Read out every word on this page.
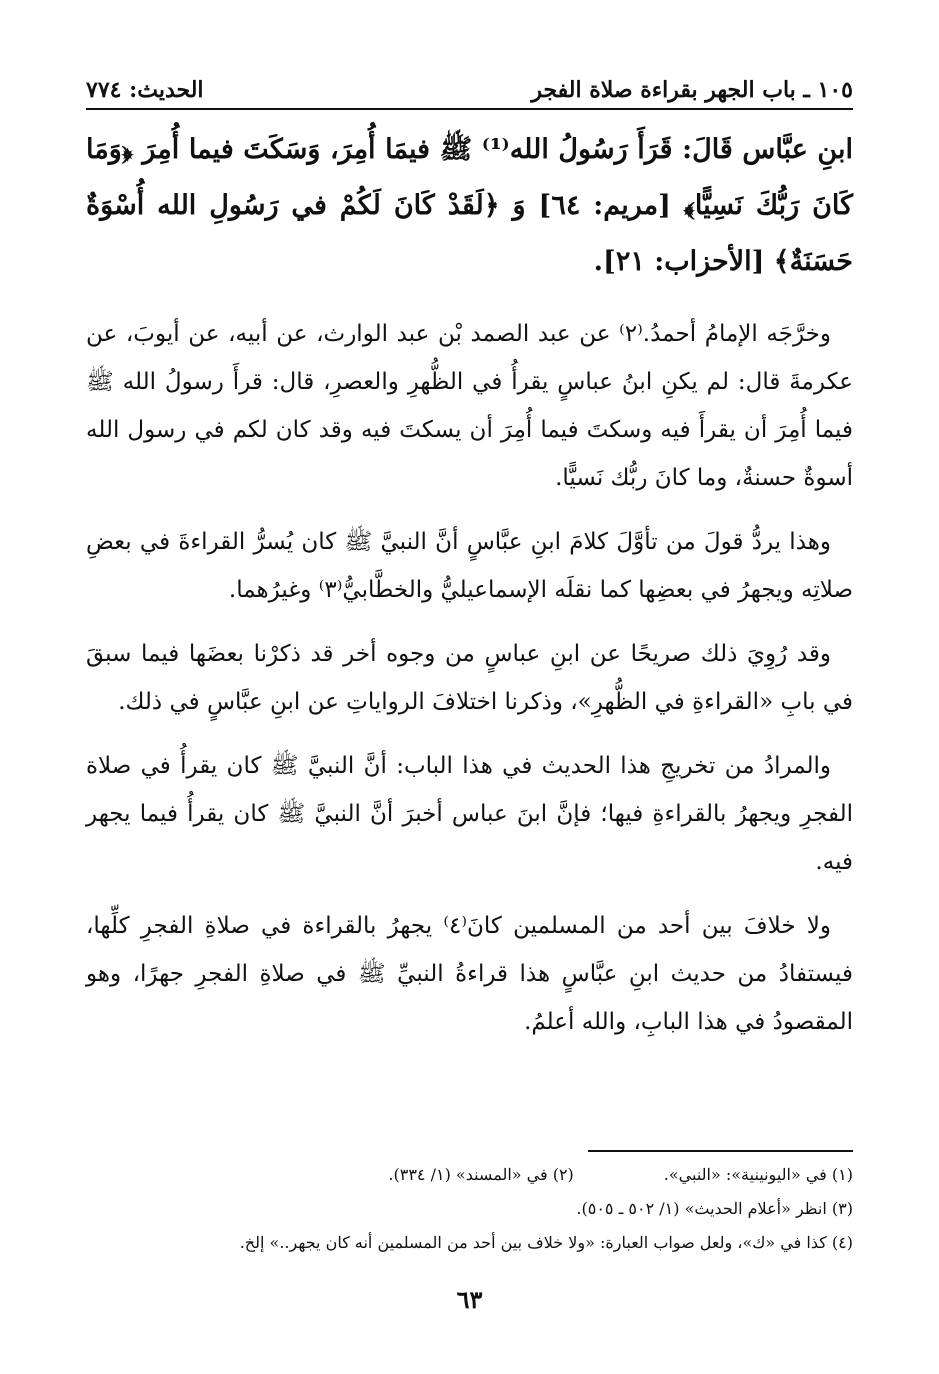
١٠٥ ـ باب الجهر بقراءة صلاة الفجر
الحديث: ٧٧٤

ابنِ عبَّاس قَالَ: قَرَأَ رَسُولُ الله⁽¹⁾ ﷺ فيمَا أُمِرَ، وَسَكَتَ فيما أُمِرَ ﴿وَمَا كَانَ رَبُّكَ نَسِيًّا﴾ [مريم: ٦٤] وَ ﴿لَقَدْ كَانَ لَكُمْ في رَسُولِ الله أُسْوَةٌ حَسَنَةٌ﴾ [الأحزاب: ٢١].

وخرَّجَه الإمامُ أحمدُ.⁽٢⁾ عن عبد الصمد بْن عبد الوارث، عن أبيه، عن أيوبَ، عن عكرمةَ قال: لم يكنِ ابنُ عباسٍ يقرأُ في الظُّهرِ والعصرِ، قال: قرأَ رسولُ الله ﷺ فيما أُمِرَ أن يقرأَ فيه وسكتَ فيما أُمِرَ أن يسكتَ فيه وقد كان لكم في رسول الله أسوةٌ حسنةٌ، وما كانَ ربُّك نَسيًّا.

وهذا يردُّ قولَ من تأوَّلَ كلامَ ابنِ عبَّاسٍ أنَّ النبيَّ ﷺ كان يُسرُّ القراءةَ في بعضِ صلاتِه ويجهرُ في بعضِها كما نقلَه الإسماعيليُّ والخطَّابيُّ⁽٣⁾ وغيرُهما.

وقد رُوِيَ ذلك صريحًا عن ابنِ عباسٍ من وجوه أخر قد ذكرْنا بعضَها فيما سبقَ في بابِ «القراءةِ في الظُّهرِ»، وذكرنا اختلافَ الرواياتِ عن ابنِ عبَّاسٍ في ذلك.

والمرادُ من تخريجِ هذا الحديث في هذا الباب: أنَّ النبيَّ ﷺ كان يقرأُ في صلاة الفجرِ ويجهرُ بالقراءةِ فيها؛ فإنَّ ابنَ عباس أخبرَ أنَّ النبيَّ ﷺ كان يقرأُ فيما يجهر فيه.

ولا خلافَ بين أحد من المسلمين كانَ⁽٤⁾ يجهرُ بالقراءة في صلاةِ الفجرِ كلِّها، فيستفادُ من حديث ابنِ عبَّاسٍ هذا قراءةُ النبيِّ ﷺ في صلاةِ الفجرِ جهرًا، وهو المقصودُ في هذا البابِ، والله أعلمُ.

(١) في «اليونينية»: «النبي».
(٢) في «المسند» (١/ ٣٣٤).
(٣) انظر «أعلام الحديث» (١/ ٥٠٢ ـ ٥٠٥).
(٤) كذا في «ك»، ولعل صواب العبارة: «ولا خلاف بين أحد من المسلمين أنه كان يجهر..» إلخ.
٦٣
